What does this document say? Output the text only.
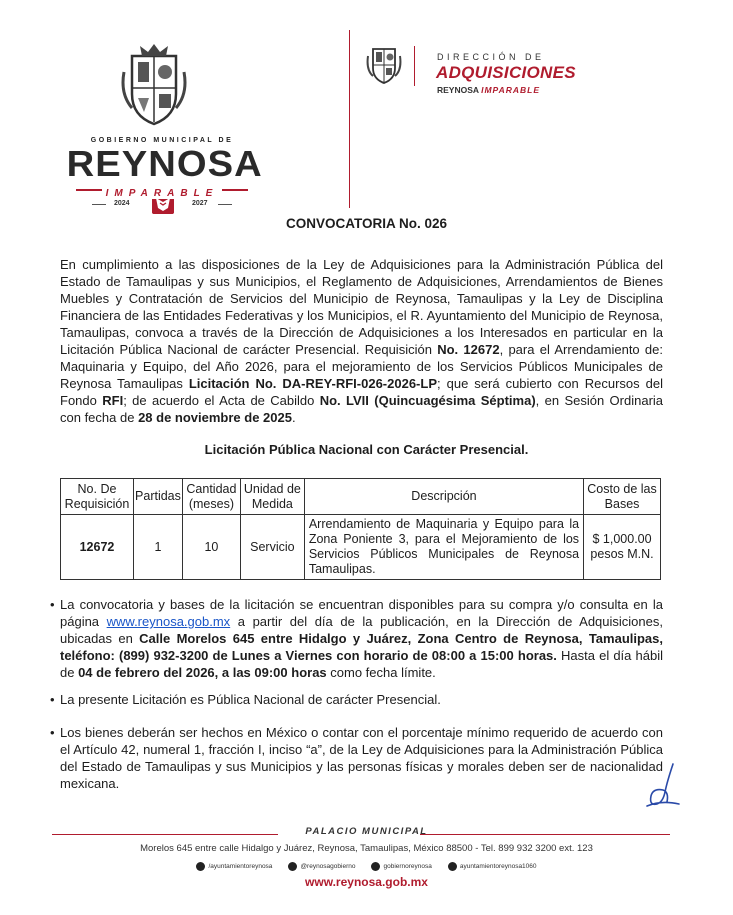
GOBIERNO MUNICIPAL DE
REYNOSA
IMPARABLE
2024	2027
DIRECCIÓN DE
ADQUISICIONES
REYNOSA IMPARABLE
CONVOCATORIA No. 026

En cumplimiento a las disposiciones de la Ley de Adquisiciones para la Administración Pública del Estado de Tamaulipas y sus Municipios, el Reglamento de Adquisiciones, Arrendamientos de Bienes Muebles y Contratación de Servicios del Municipio de Reynosa, Tamaulipas y la Ley de Disciplina Financiera de las Entidades Federativas y los Municipios, el R. Ayuntamiento del Municipio de Reynosa, Tamaulipas, convoca a través de la Dirección de Adquisiciones a los Interesados en particular en la Licitación Pública Nacional de carácter Presencial. Requisición No. 12672, para el Arrendamiento de: Maquinaria y Equipo, del Año 2026, para el mejoramiento de los Servicios Públicos Municipales de Reynosa Tamaulipas Licitación No. DA-REY-RFI-026-2026-LP; que será cubierto con Recursos del Fondo RFI; de acuerdo el Acta de Cabildo No. LVII (Quincuagésima Séptima), en Sesión Ordinaria con fecha de 28 de noviembre de 2025.

Licitación Pública Nacional con Carácter Presencial.
No. De Requisición	Partidas	Cantidad (meses)	Unidad de Medida	Descripción	Costo de las Bases
12672	1	10	Servicio	Arrendamiento de Maquinaria y Equipo para la Zona Poniente 3, para el Mejoramiento de los Servicios Públicos Municipales de Reynosa Tamaulipas.	$ 1,000.00 pesos M.N.
• La convocatoria y bases de la licitación se encuentran disponibles para su compra y/o consulta en la página www.reynosa.gob.mx a partir del día de la publicación, en la Dirección de Adquisiciones, ubicadas en Calle Morelos 645 entre Hidalgo y Juárez, Zona Centro de Reynosa, Tamaulipas, teléfono: (899) 932-3200 de Lunes a Viernes con horario de 08:00 a 15:00 horas. Hasta el día hábil de 04 de febrero del 2026, a las 09:00 horas como fecha límite.
• La presente Licitación es Pública Nacional de carácter Presencial.
• Los bienes deberán ser hechos en México o contar con el porcentaje mínimo requerido de acuerdo con el Artículo 42, numeral 1, fracción I, inciso “a”, de la Ley de Adquisiciones para la Administración Pública del Estado de Tamaulipas y sus Municipios y las personas físicas y morales deben ser de nacionalidad mexicana.
PALACIO MUNICIPAL
Morelos 645 entre calle Hidalgo y Juárez, Reynosa, Tamaulipas, México 88500 - Tel. 899 932 3200 ext. 123
/ayuntamientoreynosa	@reynosagobierno	gobiernoreynosa	ayuntamientoreynosa1060
www.reynosa.gob.mx
